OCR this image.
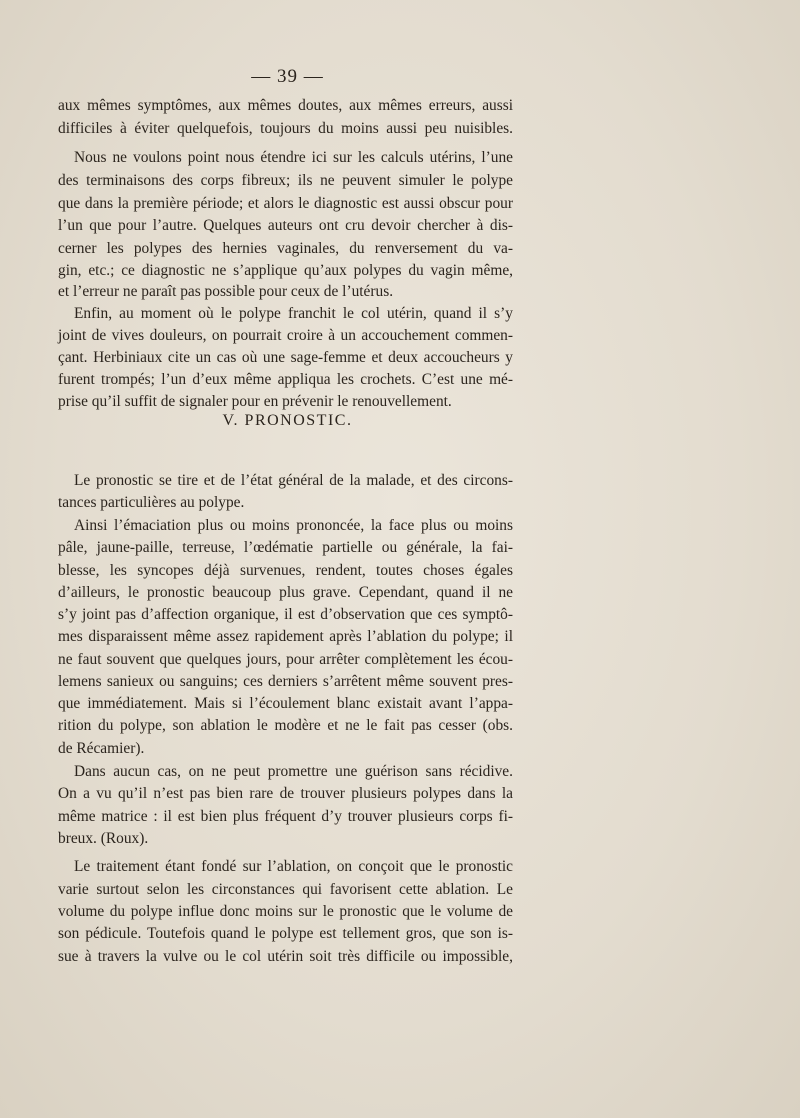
— 39 —
V. PRONOSTIC.
aux mêmes symptômes, aux mêmes doutes, aux mêmes erreurs, aussi
difficiles à éviter quelquefois, toujours du moins aussi peu nuisibles.
Nous ne voulons point nous étendre ici sur les calculs utérins, l’une
des terminaisons des corps fibreux; ils ne peuvent simuler le polype
que dans la première période; et alors le diagnostic est aussi obscur pour
l’un que pour l’autre. Quelques auteurs ont cru devoir chercher à dis-
cerner les polypes des hernies vaginales, du renversement du va-
gin, etc.; ce diagnostic ne s’applique qu’aux polypes du vagin même,
et l’erreur ne paraît pas possible pour ceux de l’utérus.
Enfin, au moment où le polype franchit le col utérin, quand il s’y
joint de vives douleurs, on pourrait croire à un accouchement commen-
çant. Herbiniaux cite un cas où une sage-femme et deux accoucheurs y
furent trompés; l’un d’eux même appliqua les crochets. C’est une mé-
prise qu’il suffit de signaler pour en prévenir le renouvellement.
Le pronostic se tire et de l’état général de la malade, et des circons-
tances particulières au polype.
Ainsi l’émaciation plus ou moins prononcée, la face plus ou moins
pâle, jaune-paille, terreuse, l’œdématie partielle ou générale, la fai-
blesse, les syncopes déjà survenues, rendent, toutes choses égales
d’ailleurs, le pronostic beaucoup plus grave. Cependant, quand il ne
s’y joint pas d’affection organique, il est d’observation que ces symptô-
mes disparaissent même assez rapidement après l’ablation du polype; il
ne faut souvent que quelques jours, pour arrêter complètement les écou-
lemens sanieux ou sanguins; ces derniers s’arrêtent même souvent pres-
que immédiatement. Mais si l’écoulement blanc existait avant l’appa-
rition du polype, son ablation le modère et ne le fait pas cesser (obs.
de Récamier).
Dans aucun cas, on ne peut promettre une guérison sans récidive.
On a vu qu’il n’est pas bien rare de trouver plusieurs polypes dans la
même matrice : il est bien plus fréquent d’y trouver plusieurs corps fi-
breux. (Roux).
Le traitement étant fondé sur l’ablation, on conçoit que le pronostic
varie surtout selon les circonstances qui favorisent cette ablation. Le
volume du polype influe donc moins sur le pronostic que le volume de
son pédicule. Toutefois quand le polype est tellement gros, que son is-
sue à travers la vulve ou le col utérin soit très difficile ou impossible,
